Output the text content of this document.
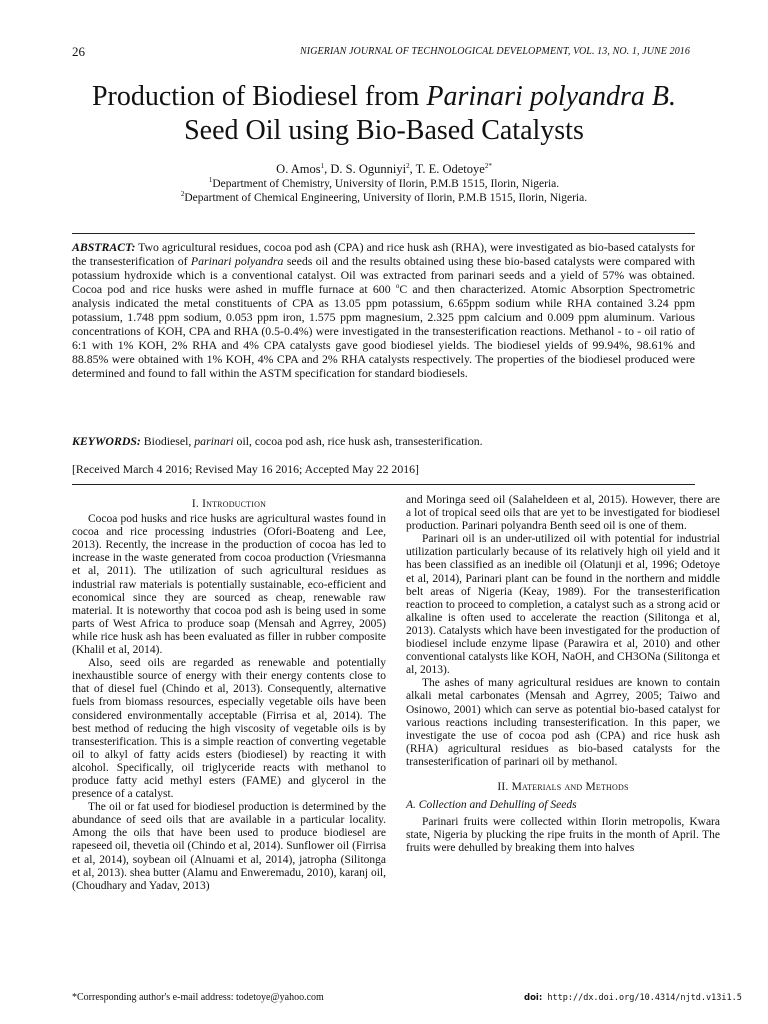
26	NIGERIAN JOURNAL OF TECHNOLOGICAL DEVELOPMENT, VOL. 13, NO. 1, JUNE 2016
Production of Biodiesel from Parinari polyandra B.
Seed Oil using Bio-Based Catalysts
O. Amos$^1$, D. S. Ogunniyi$^2$, T. E. Odetoye$^{2*}$
$^1$Department of Chemistry, University of Ilorin, P.M.B 1515, Ilorin, Nigeria.
$^2$Department of Chemical Engineering, University of Ilorin, P.M.B 1515, Ilorin, Nigeria.

ABSTRACT: Two agricultural residues, cocoa pod ash (CPA) and rice husk ash (RHA), were investigated as bio-based catalysts for the transesterification of Parinari polyandra seeds oil and the results obtained using these bio-based catalysts were compared with potassium hydroxide which is a conventional catalyst. Oil was extracted from parinari seeds and a yield of 57% was obtained. Cocoa pod and rice husks were ashed in muffle furnace at 600 $^o$C and then characterized. Atomic Absorption Spectrometric analysis indicated the metal constituents of CPA as 13.05 ppm potassium, 6.65ppm sodium while RHA contained 3.24 ppm potassium, 1.748 ppm sodium, 0.053 ppm iron, 1.575 ppm magnesium, 2.325 ppm calcium and 0.009 ppm aluminum. Various concentrations of KOH, CPA and RHA (0.5-0.4%) were investigated in the transesterification reactions. Methanol - to - oil ratio of 6:1 with 1% KOH, 2% RHA and 4% CPA catalysts gave good biodiesel yields. The biodiesel yields of 99.94%, 98.61% and 88.85% were obtained with 1% KOH, 4% CPA and 2% RHA catalysts respectively. The properties of the biodiesel produced were determined and found to fall within the ASTM specification for standard biodiesels.

KEYWORDS: Biodiesel, parinari oil, cocoa pod ash, rice husk ash, transesterification.

[Received March 4 2016; Revised May 16 2016; Accepted May 22 2016]

I. Introduction

Cocoa pod husks and rice husks are agricultural wastes found in cocoa and rice processing industries (Ofori-Boateng and Lee, 2013). Recently, the increase in the production of cocoa has led to increase in the waste generated from cocoa production (Vriesmanna et al, 2011). The utilization of such agricultural residues as industrial raw materials is potentially sustainable, eco-efficient and economical since they are sourced as cheap, renewable raw material. It is noteworthy that cocoa pod ash is being used in some parts of West Africa to produce soap (Mensah and Agrrey, 2005) while rice husk ash has been evaluated as filler in rubber composite (Khalil et al, 2014).

Also, seed oils are regarded as renewable and potentially inexhaustible source of energy with their energy contents close to that of diesel fuel (Chindo et al, 2013). Consequently, alternative fuels from biomass resources, especially vegetable oils have been considered environmentally acceptable (Firrisa et al, 2014). The best method of reducing the high viscosity of vegetable oils is by transesterification. This is a simple reaction of converting vegetable oil to alkyl of fatty acids esters (biodiesel) by reacting it with alcohol. Specifically, oil triglyceride reacts with methanol to produce fatty acid methyl esters (FAME) and glycerol in the presence of a catalyst.

The oil or fat used for biodiesel production is determined by the abundance of seed oils that are available in a particular locality. Among the oils that have been used to produce biodiesel are rapeseed oil, thevetia oil (Chindo et al, 2014). Sunflower oil (Firrisa et al, 2014), soybean oil (Alnuami et al, 2014), jatropha (Silitonga et al, 2013). shea butter (Alamu and Enweremadu, 2010), karanj oil, (Choudhary and Yadav, 2013)

and Moringa seed oil (Salaheldeen et al, 2015). However, there are a lot of tropical seed oils that are yet to be investigated for biodiesel production. Parinari polyandra Benth seed oil is one of them.

Parinari oil is an under-utilized oil with potential for industrial utilization particularly because of its relatively high oil yield and it has been classified as an inedible oil (Olatunji et al, 1996; Odetoye et al, 2014), Parinari plant can be found in the northern and middle belt areas of Nigeria (Keay, 1989). For the transesterification reaction to proceed to completion, a catalyst such as a strong acid or alkaline is often used to accelerate the reaction (Silitonga et al, 2013). Catalysts which have been investigated for the production of biodiesel include enzyme lipase (Parawira et al, 2010) and other conventional catalysts like KOH, NaOH, and CH3ONa (Silitonga et al, 2013).

The ashes of many agricultural residues are known to contain alkali metal carbonates (Mensah and Agrrey, 2005; Taiwo and Osinowo, 2001) which can serve as potential bio-based catalyst for various reactions including transesterification. In this paper, we investigate the use of cocoa pod ash (CPA) and rice husk ash (RHA) agricultural residues as bio-based catalysts for the transesterification of parinari oil by methanol.

II. Materials and Methods
A. Collection and Dehulling of Seeds

Parinari fruits were collected within Ilorin metropolis, Kwara state, Nigeria by plucking the ripe fruits in the month of April. The fruits were dehulled by breaking them into halves

*Corresponding author's e-mail address: todetoye@yahoo.com	doi: http://dx.doi.org/10.4314/njtd.v13i1.5
